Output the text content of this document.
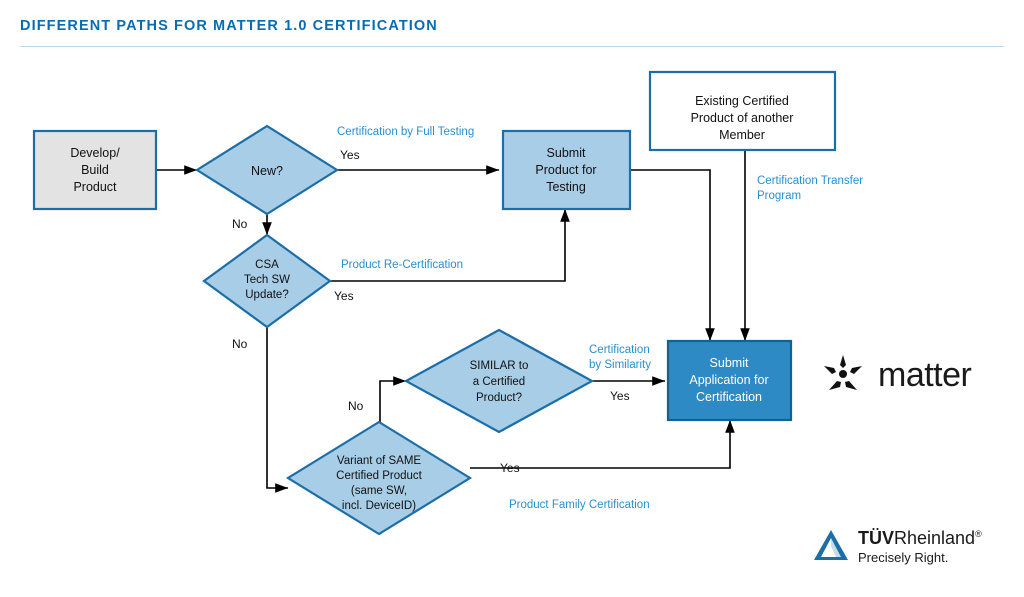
DIFFERENT PATHS FOR MATTER 1.0 CERTIFICATION
Develop/
Build
Product
New?
CSA
Tech SW
Update?
SIMILAR to
a Certified
Product?
Variant of SAME
Certified Product
(same SW,
incl. DeviceID)
Submit
Product for
Testing
Existing Certified
Product of another
Member
Submit
Application for
Certification
Yes
No
Yes
No
Yes
No
Yes
Certification by Full Testing
Product Re-Certification
Certification Transfer
Program
Certification
by Similarity
Product Family Certification
matter
TÜVRheinland®
Precisely Right.
